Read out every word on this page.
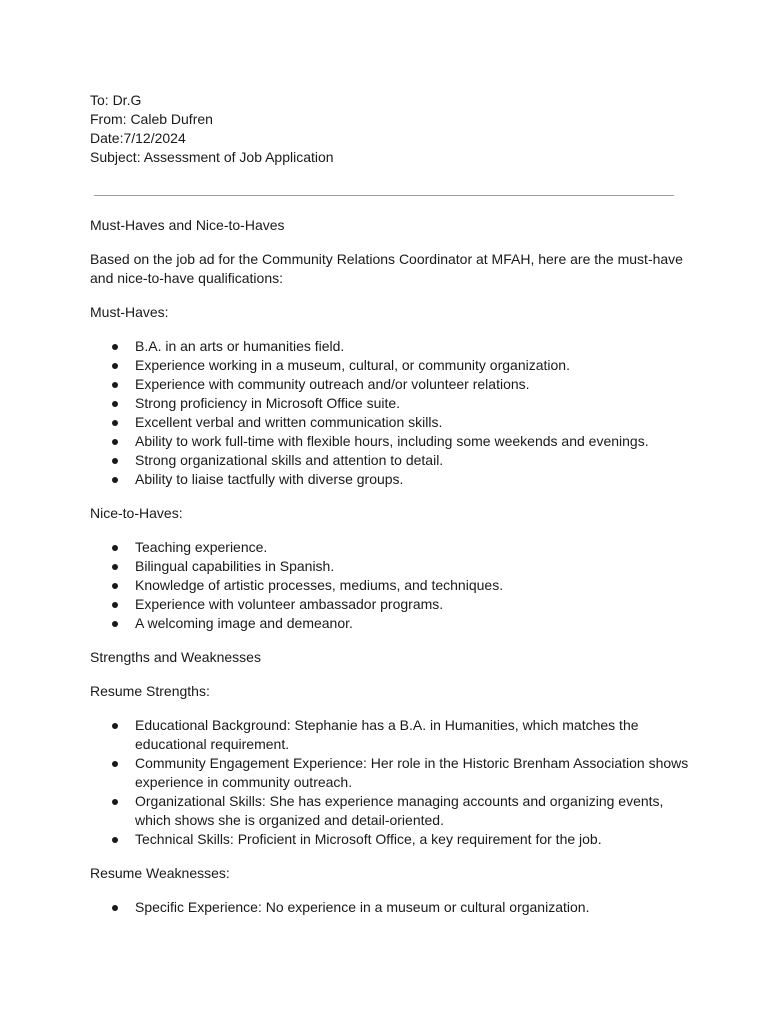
To: Dr.G

From: Caleb Dufren

Date:7/12/2024

Subject: Assessment of Job Application

Must-Haves and Nice-to-Haves

Based on the job ad for the Community Relations Coordinator at MFAH, here are the must-have and nice-to-have qualifications:

Must-Haves:

B.A. in an arts or humanities field.
Experience working in a museum, cultural, or community organization.
Experience with community outreach and/or volunteer relations.
Strong proficiency in Microsoft Office suite.
Excellent verbal and written communication skills.
Ability to work full-time with flexible hours, including some weekends and evenings.
Strong organizational skills and attention to detail.
Ability to liaise tactfully with diverse groups.

Nice-to-Haves:

Teaching experience.
Bilingual capabilities in Spanish.
Knowledge of artistic processes, mediums, and techniques.
Experience with volunteer ambassador programs.
A welcoming image and demeanor.

Strengths and Weaknesses

Resume Strengths:

Educational Background: Stephanie has a B.A. in Humanities, which matches the educational requirement.
Community Engagement Experience: Her role in the Historic Brenham Association shows experience in community outreach.
Organizational Skills: She has experience managing accounts and organizing events, which shows she is organized and detail-oriented.
Technical Skills: Proficient in Microsoft Office, a key requirement for the job.

Resume Weaknesses:

Specific Experience: No experience in a museum or cultural organization.
